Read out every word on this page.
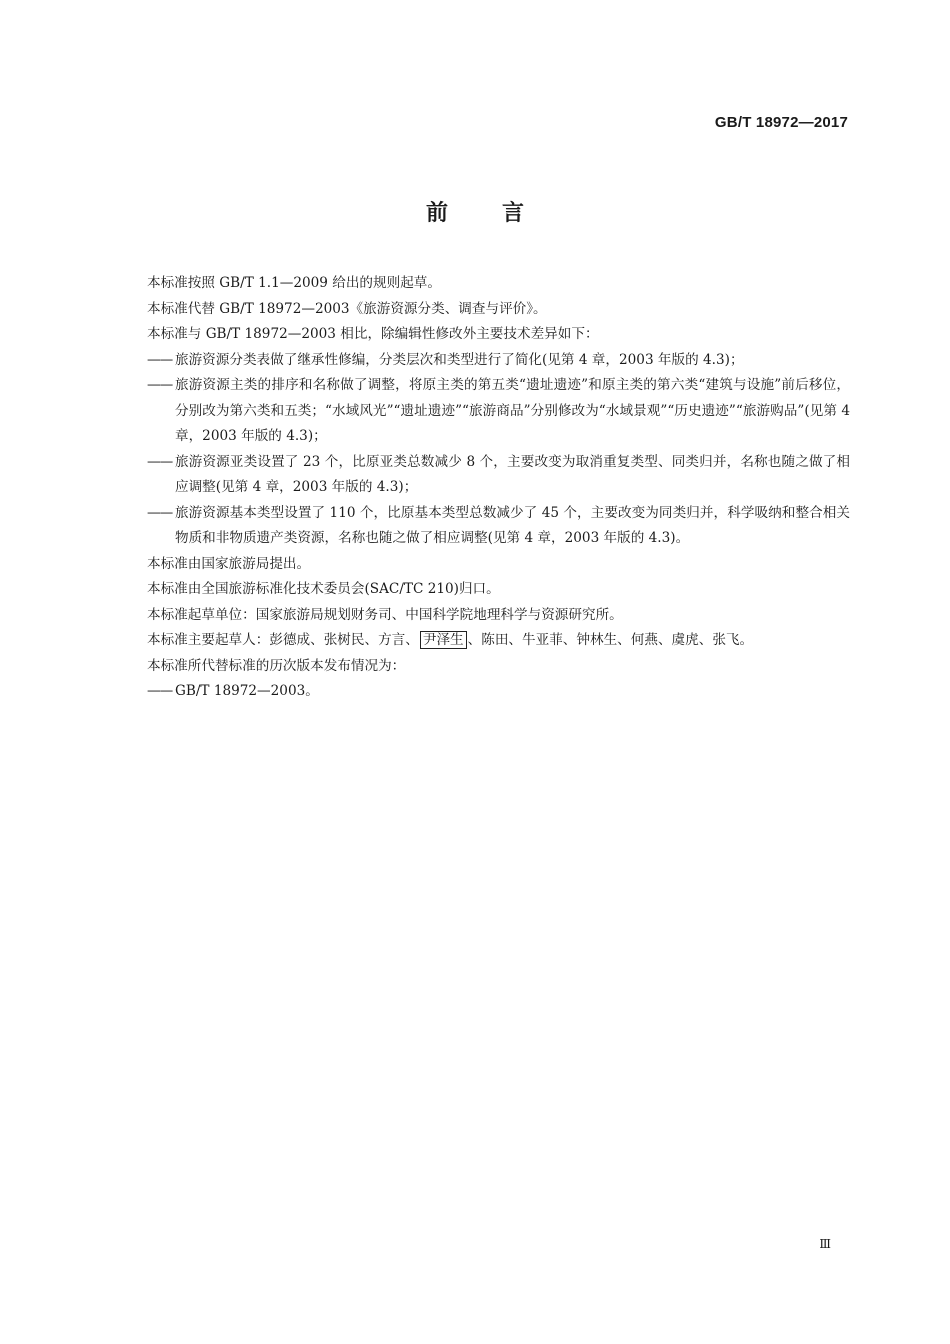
GB/T 18972—2017
前言

本标准按照 GB/T 1.1—2009 给出的规则起草。

本标准代替 GB/T 18972—2003《旅游资源分类、调查与评价》。

本标准与 GB/T 18972—2003 相比，除编辑性修改外主要技术差异如下：

—— 旅游资源分类表做了继承性修编，分类层次和类型进行了简化(见第 4 章，2003 年版的 4.3)；
—— 旅游资源主类的排序和名称做了调整，将原主类的第五类“遗址遗迹”和原主类的第六类“建筑与设施”前后移位，分别改为第六类和五类；“水域风光”“遗址遗迹”“旅游商品”分别修改为“水域景观”“历史遗迹”“旅游购品”(见第 4 章，2003 年版的 4.3)；
—— 旅游资源亚类设置了 23 个，比原亚类总数减少 8 个，主要改变为取消重复类型、同类归并，名称也随之做了相应调整(见第 4 章，2003 年版的 4.3)；
—— 旅游资源基本类型设置了 110 个，比原基本类型总数减少了 45 个，主要改变为同类归并，科学吸纳和整合相关物质和非物质遗产类资源，名称也随之做了相应调整(见第 4 章，2003 年版的 4.3)。

本标准由国家旅游局提出。

本标准由全国旅游标准化技术委员会(SAC/TC 210)归口。

本标准起草单位：国家旅游局规划财务司、中国科学院地理科学与资源研究所。

本标准主要起草人：彭德成、张树民、方言、 尹泽生 、陈田、牛亚菲、钟林生、何燕、虞虎、张飞。

本标准所代替标准的历次版本发布情况为：

—— GB/T 18972—2003。
Ⅲ
